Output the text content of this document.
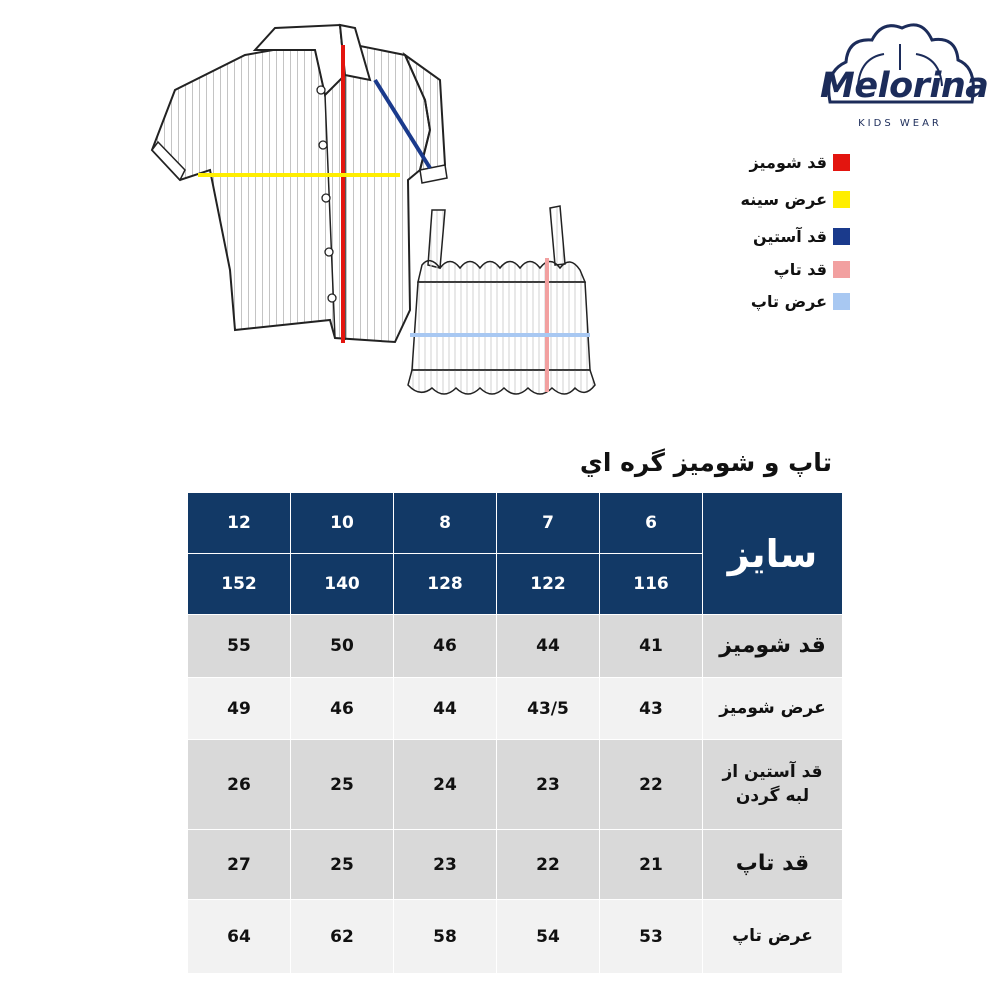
Melorina
KIDS WEAR
قد شومیز
عرض سینه
قد آستین
قد تاپ
عرض تاپ
تاپ و شومیز گره اي
12	10	8	7	6	سایز
152	140	128	122	116	
55	50	46	44	41	قد شومیز
49	46	44	43/5	43	عرض شومیز
26	25	24	23	22	قد آستین از لبه گردن
27	25	23	22	21	قد تاپ
64	62	58	54	53	عرض تاپ
